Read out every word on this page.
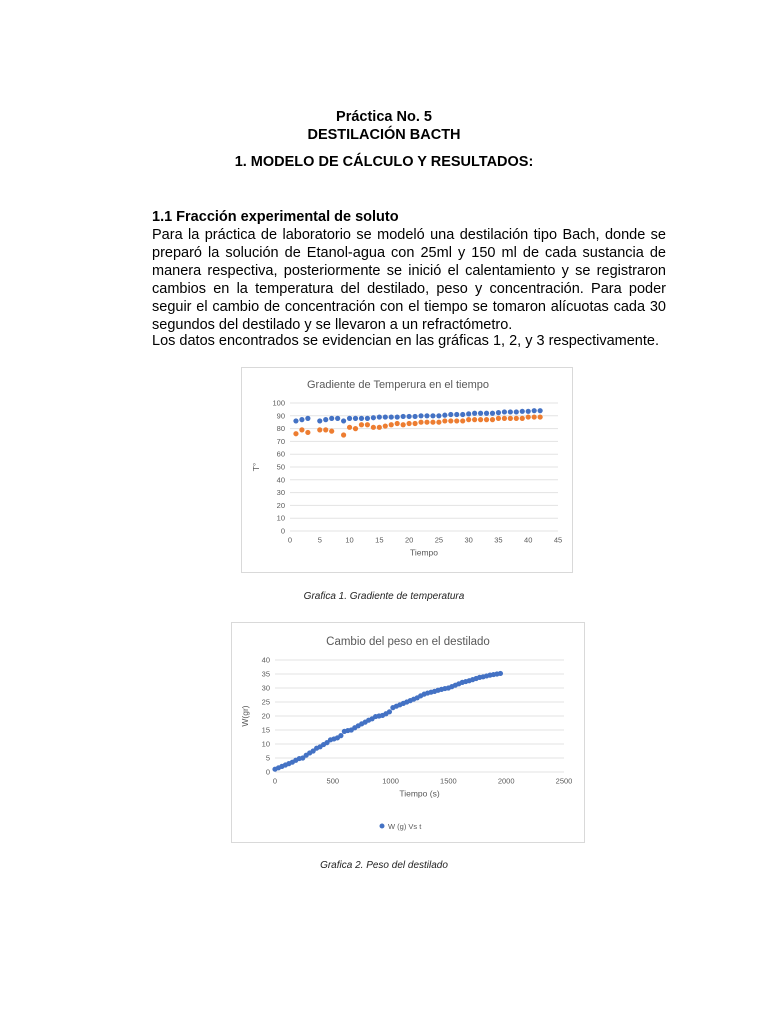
Práctica No. 5
DESTILACIÓN BACTH
1. MODELO DE CÁLCULO Y RESULTADOS:
1.1 Fracción experimental de soluto

Para la práctica de laboratorio se modeló una destilación tipo Bach, donde se preparó la solución de Etanol-agua con 25ml y 150 ml de cada sustancia de manera respectiva, posteriormente se inició el calentamiento y se registraron cambios en la temperatura del destilado, peso y concentración. Para poder seguir el cambio de concentración con el tiempo se tomaron alícuotas cada 30 segundos del destilado y se llevaron a un refractómetro.

Los datos encontrados se evidencian en las gráficas 1, 2, y 3 respectivamente.

Gradiente de Temperura en el tiempo
0
10
20
30
40
50
60
70
80
90
100
0	5	10	15	20	25	30	35	40	45
Tiempo
T°
Grafica 1. Gradiente de temperatura
Cambio del peso en el destilado
0
5
10
15
20
25
30
35
40
0	500	1000	1500	2000	2500
Tiempo (s)
W(gr)
W (g) Vs t
Grafica 2. Peso del destilado
